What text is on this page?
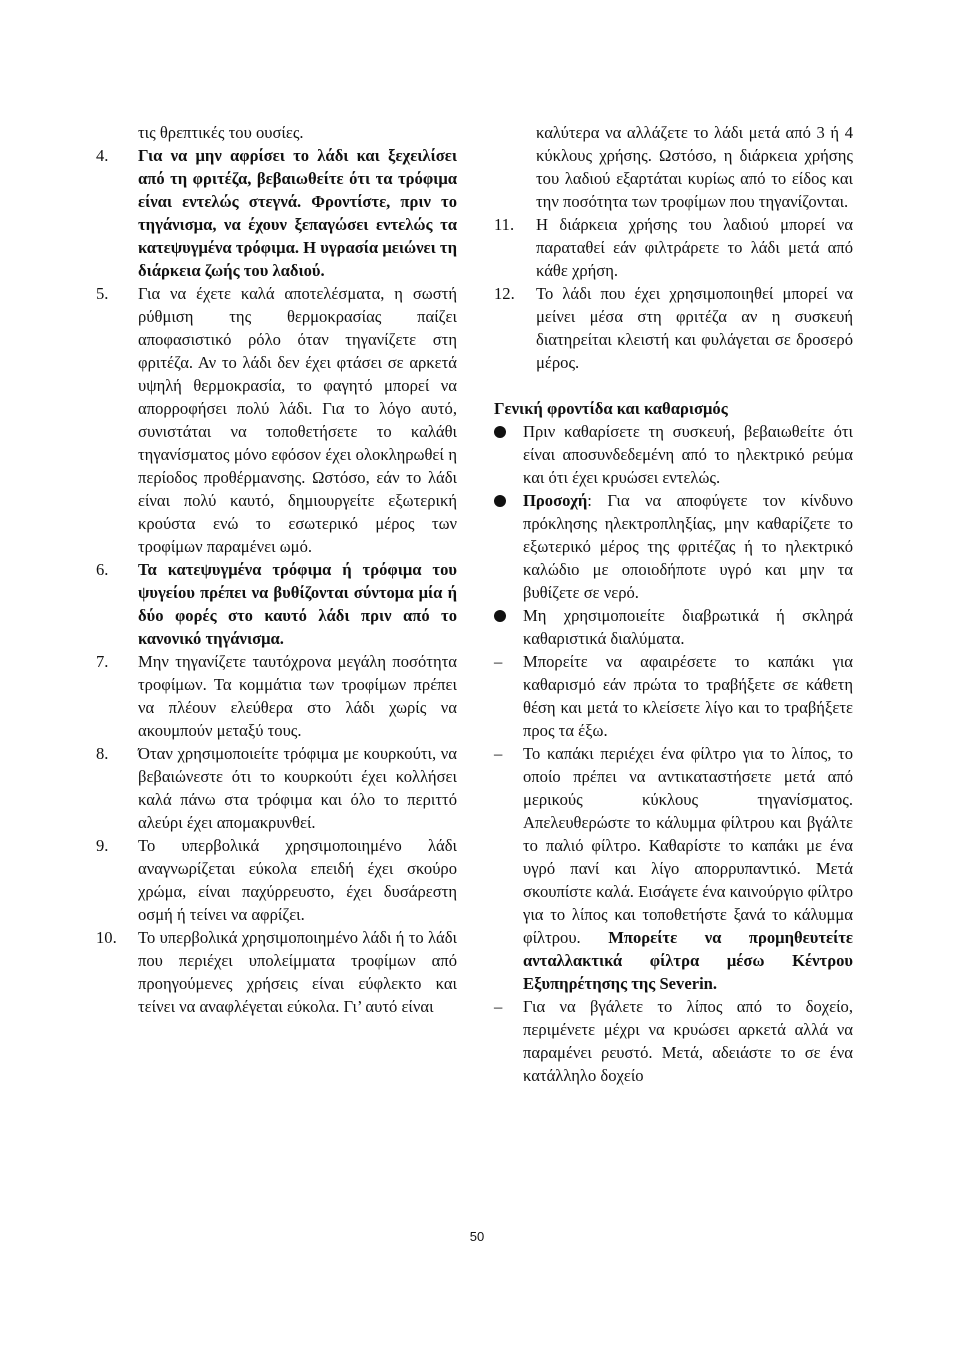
τις θρεπτικές του ουσίες.
4. Για να μην αφρίσει το λάδι και ξεχειλίσει από τη φριτέζα, βεβαιωθείτε ότι τα τρόφιμα είναι εντελώς στεγνά. Φροντίστε, πριν το τηγάνισμα, να έχουν ξεπαγώσει εντελώς τα κατεψυγμένα τρόφιμα. Η υγρασία μειώνει τη διάρκεια ζωής του λαδιού.
5. Για να έχετε καλά αποτελέσματα, η σωστή ρύθμιση της θερμοκρασίας παίζει αποφασιστικό ρόλο όταν τηγανίζετε στη φριτέζα. Αν το λάδι δεν έχει φτάσει σε αρκετά υψηλή θερμοκρασία, το φαγητό μπορεί να απορροφήσει πολύ λάδι. Για το λόγο αυτό, συνιστάται να τοποθετήσετε το καλάθι τηγανίσματος μόνο εφόσον έχει ολοκληρωθεί η περίοδος προθέρμανσης. Ωστόσο, εάν το λάδι είναι πολύ καυτό, δημιουργείτε εξωτερική κρούστα ενώ το εσωτερικό μέρος των τροφίμων παραμένει ωμό.
6. Τα κατεψυγμένα τρόφιμα ή τρόφιμα του ψυγείου πρέπει να βυθίζονται σύντομα μία ή δύο φορές στο καυτό λάδι πριν από το κανονικό τηγάνισμα.
7. Μην τηγανίζετε ταυτόχρονα μεγάλη ποσότητα τροφίμων. Τα κομμάτια των τροφίμων πρέπει να πλέουν ελεύθερα στο λάδι χωρίς να ακουμπούν μεταξύ τους.
8. Όταν χρησιμοποιείτε τρόφιμα με κουρκούτι, να βεβαιώνεστε ότι το κουρκούτι έχει κολλήσει καλά πάνω στα τρόφιμα και όλο το περιττό αλεύρι έχει απομακρυνθεί.
9. Το υπερβολικά χρησιμοποιημένο λάδι αναγνωρίζεται εύκολα επειδή έχει σκούρο χρώμα, είναι παχύρρευστο, έχει δυσάρεστη οσμή ή τείνει να αφρίζει.
10. Το υπερβολικά χρησιμοποιημένο λάδι ή το λάδι που περιέχει υπολείμματα τροφίμων από προηγούμενες χρήσεις είναι εύφλεκτο και τείνει να αναφλέγεται εύκολα. Γι’ αυτό είναι
καλύτερα να αλλάζετε το λάδι μετά από 3 ή 4 κύκλους χρήσης. Ωστόσο, η διάρκεια χρήσης του λαδιού εξαρτάται κυρίως από το είδος και την ποσότητα των τροφίμων που τηγανίζονται.
11. Η διάρκεια χρήσης του λαδιού μπορεί να παραταθεί εάν φιλτράρετε το λάδι μετά από κάθε χρήση.
12. Το λάδι που έχει χρησιμοποιηθεί μπορεί να μείνει μέσα στη φριτέζα αν η συσκευή διατηρείται κλειστή και φυλάγεται σε δροσερό μέρος.
Γενική φροντίδα και καθαρισμός
Πριν καθαρίσετε τη συσκευή, βεβαιωθείτε ότι είναι αποσυνδεδεμένη από το ηλεκτρικό ρεύμα και ότι έχει κρυώσει εντελώς.
Προσοχή: Για να αποφύγετε τον κίνδυνο πρόκλησης ηλεκτροπληξίας, μην καθαρίζετε το εξωτερικό μέρος της φριτέζας ή το ηλεκτρικό καλώδιο με οποιοδήποτε υγρό και μην τα βυθίζετε σε νερό.
Μη χρησιμοποιείτε διαβρωτικά ή σκληρά καθαριστικά διαλύματα.
– Μπορείτε να αφαιρέσετε το καπάκι για καθαρισμό εάν πρώτα το τραβήξετε σε κάθετη θέση και μετά το κλείσετε λίγο και το τραβήξετε προς τα έξω.
– Το καπάκι περιέχει ένα φίλτρο για το λίπος, το οποίο πρέπει να αντικαταστήσετε μετά από μερικούς κύκλους τηγανίσματος. Απελευθερώστε το κάλυμμα φίλτρου και βγάλτε το παλιό φίλτρο. Καθαρίστε το καπάκι με ένα υγρό πανί και λίγο απορρυπαντικό. Μετά σκουπίστε καλά. Εισάγετε ένα καινούργιο φίλτρο για το λίπος και τοποθετήστε ξανά το κάλυμμα φίλτρου. Μπορείτε να προμηθευτείτε ανταλλακτικά φίλτρα μέσω Κέντρου Εξυπηρέτησης της Severin.
– Για να βγάλετε το λίπος από το δοχείο, περιμένετε μέχρι να κρυώσει αρκετά αλλά να παραμένει ρευστό. Μετά, αδειάστε το σε ένα κατάλληλο δοχείο
50
